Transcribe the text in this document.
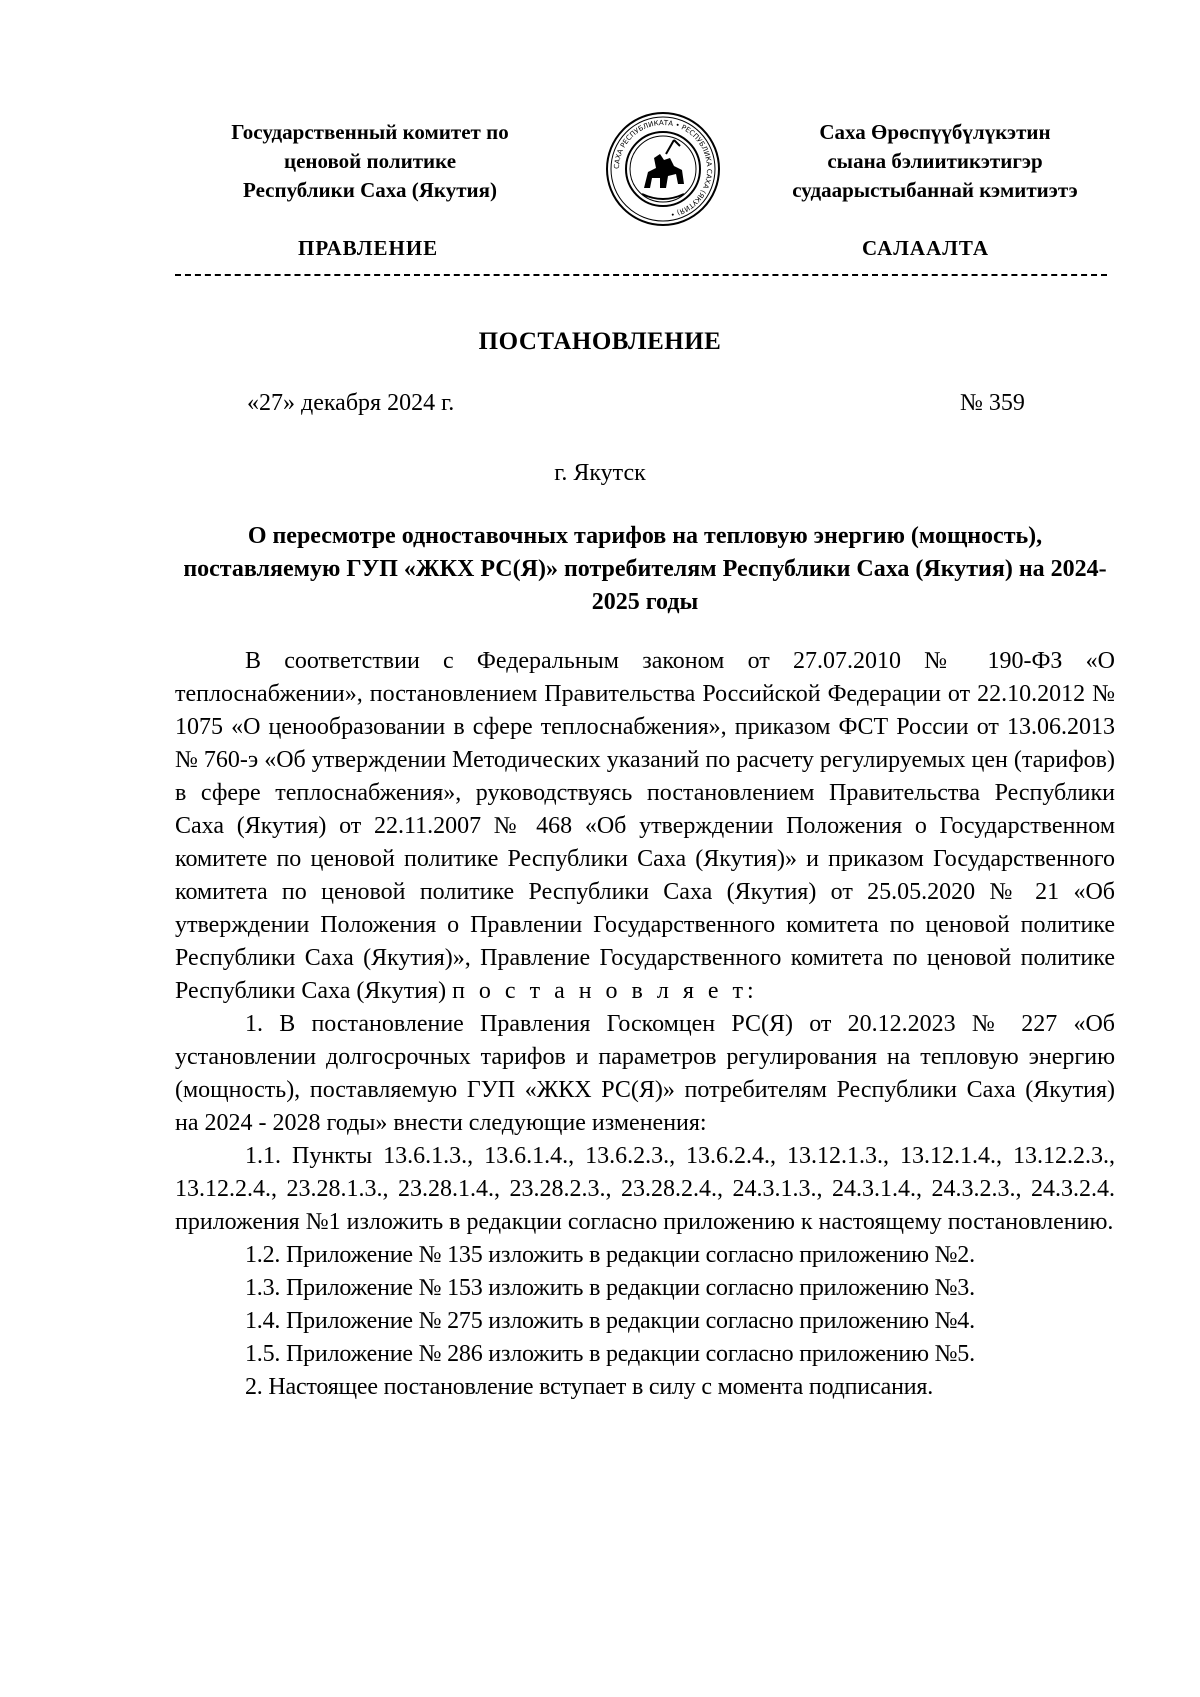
Государственный комитет по
ценовой политике
Республики Саха (Якутия)
САХА РЕСПУБЛИКАТА • РЕСПУБЛИКА САХА (ЯКУТИЯ) •
Саха Өрөспүүбүлүкэтин
сыана бэлиитикэтигэр
судаарыстыбаннай кэмитиэтэ
ПРАВЛЕНИЕ	САЛААЛТА
ПОСТАНОВЛЕНИЕ
«27» декабря 2024 г.	№ 359
г. Якутск
О пересмотре одноставочных тарифов на тепловую энергию (мощность), поставляемую ГУП «ЖКХ РС(Я)» потребителям Республики Саха (Якутия) на 2024-2025 годы

В соответствии с Федеральным законом от 27.07.2010 № 190-ФЗ «О теплоснабжении», постановлением Правительства Российской Федерации от 22.10.2012 № 1075 «О ценообразовании в сфере теплоснабжения», приказом ФСТ России от 13.06.2013 № 760-э «Об утверждении Методических указаний по расчету регулируемых цен (тарифов) в сфере теплоснабжения», руководствуясь постановлением Правительства Республики Саха (Якутия) от 22.11.2007 № 468 «Об утверждении Положения о Государственном комитете по ценовой политике Республики Саха (Якутия)» и приказом Государственного комитета по ценовой политике Республики Саха (Якутия) от 25.05.2020 № 21 «Об утверждении Положения о Правлении Государственного комитета по ценовой политике Республики Саха (Якутия)», Правление Государственного комитета по ценовой политике Республики Саха (Якутия) п о с т а н о в л я е т:

1. В постановление Правления Госкомцен РС(Я) от 20.12.2023 № 227 «Об установлении долгосрочных тарифов и параметров регулирования на тепловую энергию (мощность), поставляемую ГУП «ЖКХ РС(Я)» потребителям Республики Саха (Якутия) на 2024 - 2028 годы» внести следующие изменения:

1.1. Пункты 13.6.1.3., 13.6.1.4., 13.6.2.3., 13.6.2.4., 13.12.1.3., 13.12.1.4., 13.12.2.3., 13.12.2.4., 23.28.1.3., 23.28.1.4., 23.28.2.3., 23.28.2.4., 24.3.1.3., 24.3.1.4., 24.3.2.3., 24.3.2.4. приложения №1 изложить в редакции согласно приложению к настоящему постановлению.

1.2. Приложение № 135 изложить в редакции согласно приложению №2.

1.3. Приложение № 153 изложить в редакции согласно приложению №3.

1.4. Приложение № 275 изложить в редакции согласно приложению №4.

1.5. Приложение № 286 изложить в редакции согласно приложению №5.

2. Настоящее постановление вступает в силу с момента подписания.
